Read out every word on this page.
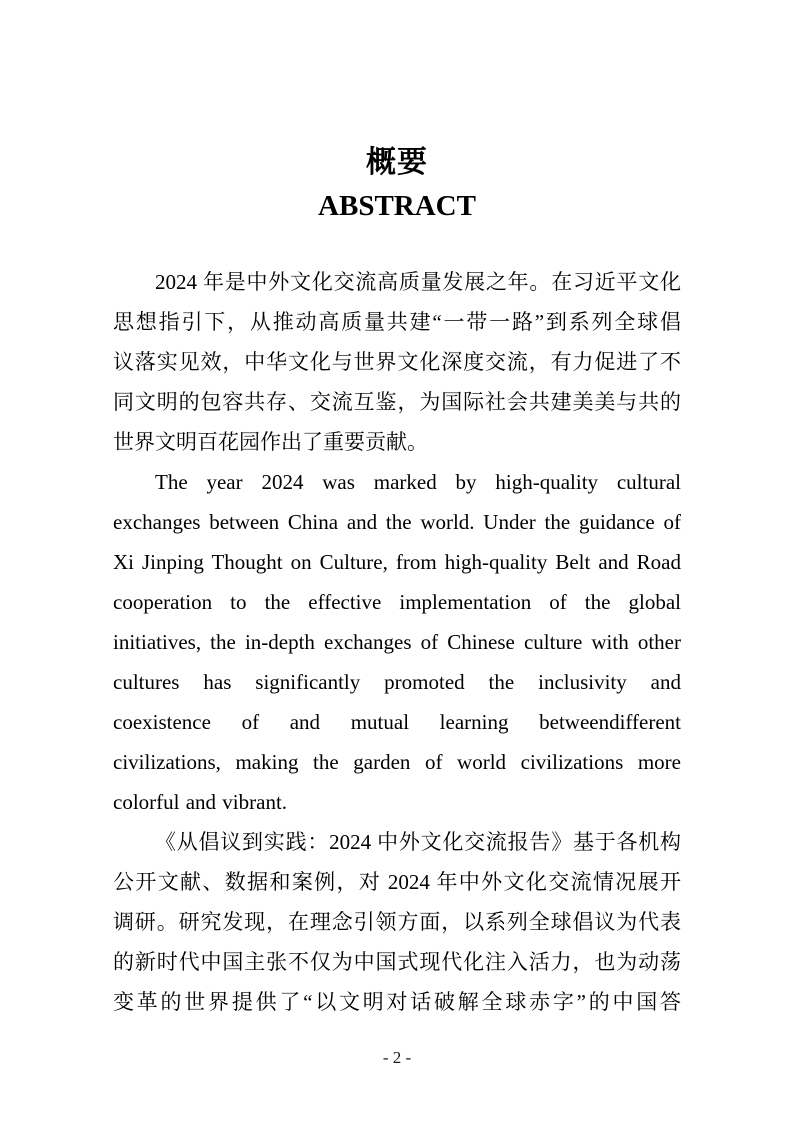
概要
ABSTRACT
2024 年是中外文化交流高质量发展之年。在习近平文化
思想指引下，从推动高质量共建“一带一路”到系列全球倡
议落实见效，中华文化与世界文化深度交流，有力促进了不
同文明的包容共存、交流互鉴，为国际社会共建美美与共的
世界文明百花园作出了重要贡献。
The year 2024 was marked by high-quality cultural
exchanges between China and the world. Under the guidance of
Xi Jinping Thought on Culture, from high-quality Belt and Road
cooperation to the effective implementation of the global
initiatives, the in-depth exchanges of Chinese culture with other
cultures has significantly promoted the inclusivity and
coexistence of and mutual learning betweendifferent
civilizations, making the garden of world civilizations more
colorful and vibrant.
《从倡议到实践：2024 中外文化交流报告》基于各机构
公开文献、数据和案例，对 2024 年中外文化交流情况展开
调研。研究发现，在理念引领方面，以系列全球倡议为代表
的新时代中国主张不仅为中国式现代化注入活力，也为动荡
变革的世界提供了“以文明对话破解全球赤字”的中国答
- 2 -
